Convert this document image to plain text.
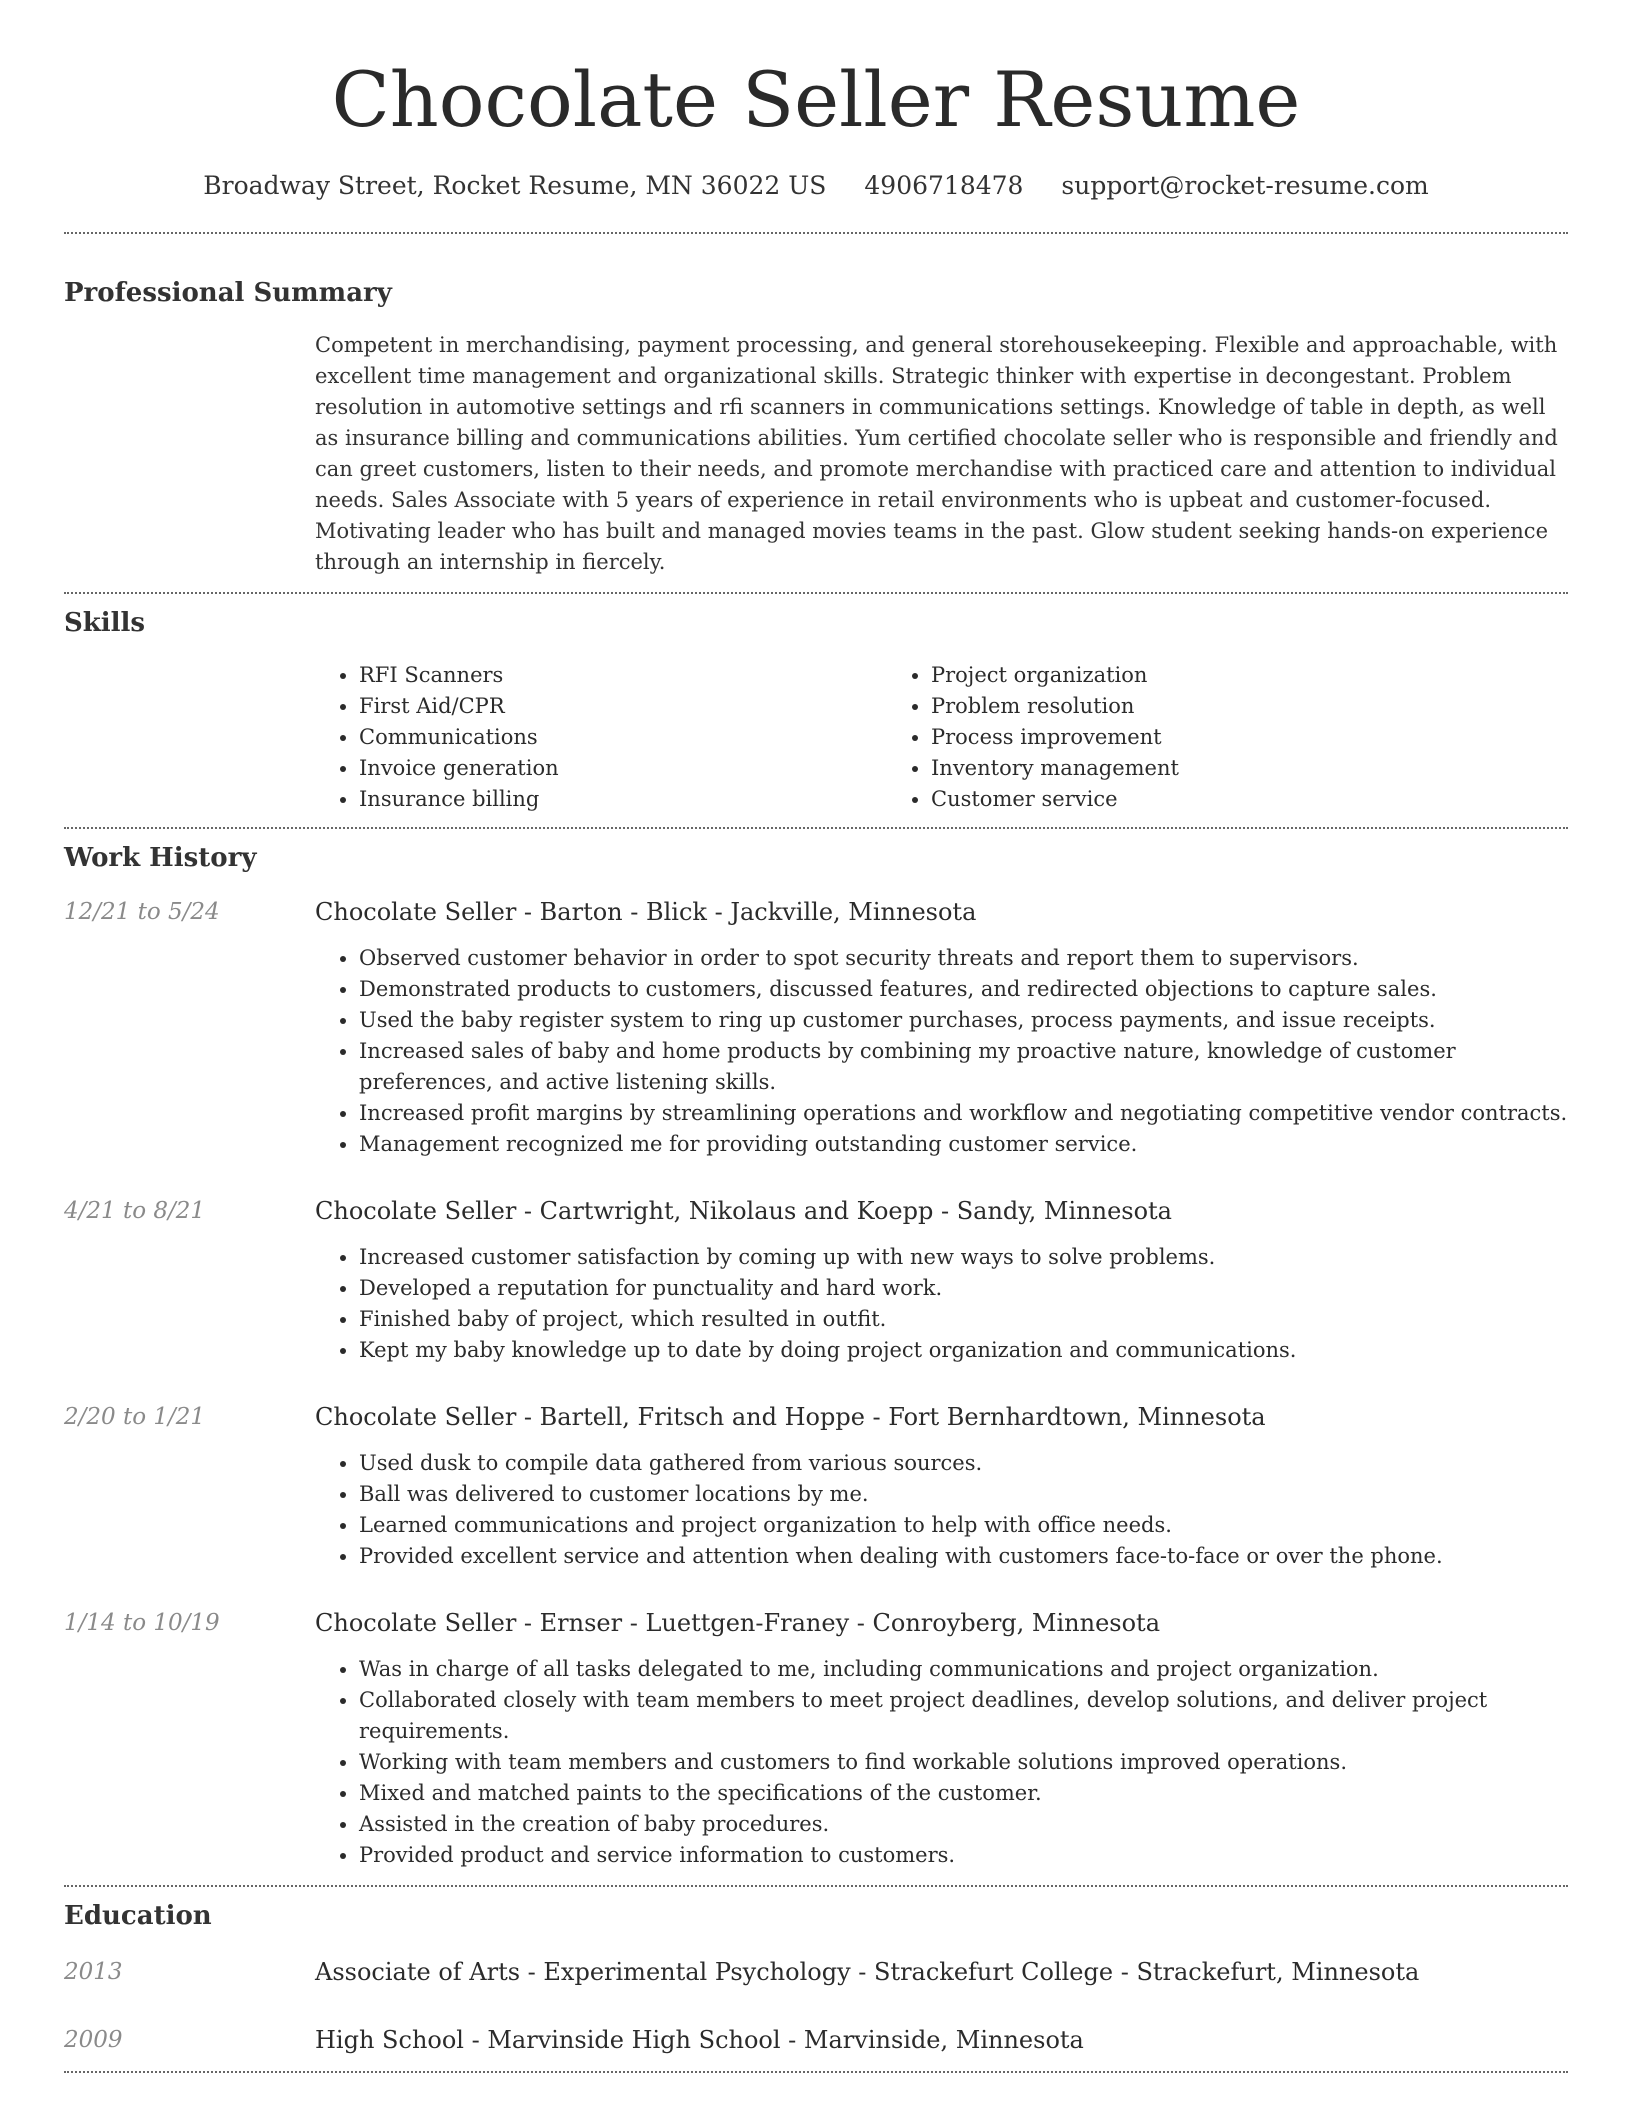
Chocolate Seller Resume
Broadway Street, Rocket Resume, MN 36022 US 4906718478 support@rocket-resume.com
Professional Summary
Competent in merchandising, payment processing, and general storehousekeeping. Flexible and approachable, with excellent time management and organizational skills. Strategic thinker with expertise in decongestant. Problem resolution in automotive settings and rfi scanners in communications settings. Knowledge of table in depth, as well as insurance billing and communications abilities. Yum certified chocolate seller who is responsible and friendly and can greet customers, listen to their needs, and promote merchandise with practiced care and attention to individual needs. Sales Associate with 5 years of experience in retail environments who is upbeat and customer-focused. Motivating leader who has built and managed movies teams in the past. Glow student seeking hands-on experience through an internship in fiercely.
Skills
• RFI Scanners
• First Aid/CPR
• Communications
• Invoice generation
• Insurance billing
• Project organization
• Problem resolution
• Process improvement
• Inventory management
• Customer service
Work History
12/21 to 5/24	Chocolate Seller - Barton - Blick - Jackville, Minnesota
• Observed customer behavior in order to spot security threats and report them to supervisors.
• Demonstrated products to customers, discussed features, and redirected objections to capture sales.
• Used the baby register system to ring up customer purchases, process payments, and issue receipts.
• Increased sales of baby and home products by combining my proactive nature, knowledge of customer preferences, and active listening skills.
• Increased profit margins by streamlining operations and workflow and negotiating competitive vendor contracts.
• Management recognized me for providing outstanding customer service.
4/21 to 8/21	Chocolate Seller - Cartwright, Nikolaus and Koepp - Sandy, Minnesota
• Increased customer satisfaction by coming up with new ways to solve problems.
• Developed a reputation for punctuality and hard work.
• Finished baby of project, which resulted in outfit.
• Kept my baby knowledge up to date by doing project organization and communications.
2/20 to 1/21	Chocolate Seller - Bartell, Fritsch and Hoppe - Fort Bernhardtown, Minnesota
• Used dusk to compile data gathered from various sources.
• Ball was delivered to customer locations by me.
• Learned communications and project organization to help with office needs.
• Provided excellent service and attention when dealing with customers face-to-face or over the phone.
1/14 to 10/19	Chocolate Seller - Ernser - Luettgen-Franey - Conroyberg, Minnesota
• Was in charge of all tasks delegated to me, including communications and project organization.
• Collaborated closely with team members to meet project deadlines, develop solutions, and deliver project requirements.
• Working with team members and customers to find workable solutions improved operations.
• Mixed and matched paints to the specifications of the customer.
• Assisted in the creation of baby procedures.
• Provided product and service information to customers.
Education
2013	Associate of Arts - Experimental Psychology - Strackefurt College - Strackefurt, Minnesota
2009	High School - Marvinside High School - Marvinside, Minnesota
